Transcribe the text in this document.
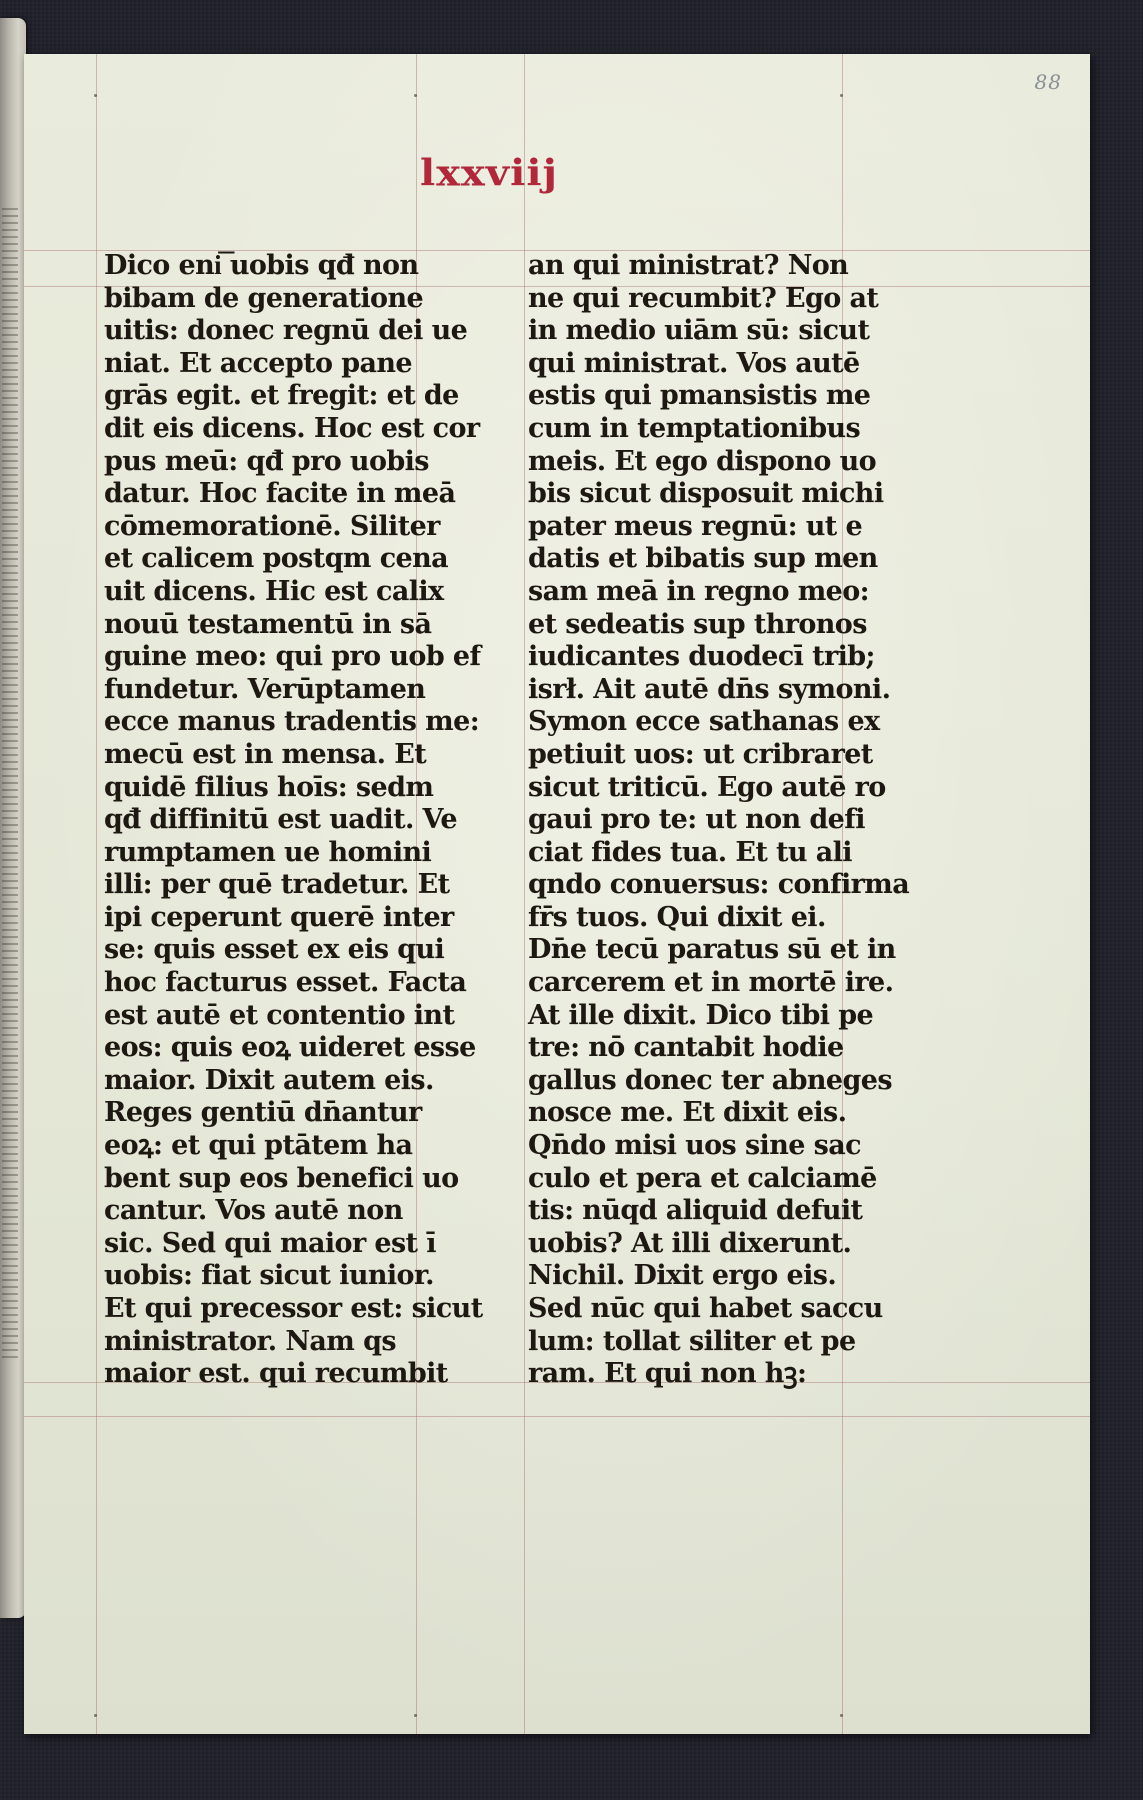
88
lxxviij
Dico eni͞ uobis qđ non
bibam de generatione
uitis: donec regnū dei ue
niat. Et accepto pane
grās egit. et fregit: et de
dit eis dicens. Hoc est cor
pus meū: qđ pro uobis
datur. Hoc facite in meā
cōmemorationē. Siliter
et calicem postqm cena
uit dicens. Hic est calix
nouū testamentū in sā
guine meo: qui pro uob ef
fundetur. Verūptamen
ecce manus tradentis me:
mecū est in mensa. Et
quidē filius hoīs: sedm
qđ diffinitū est uadit. Ve
rumptamen ue homini
illi: per quē tradetur. Et
ipi ceperunt querē inter
se: quis esset ex eis qui
hoc facturus esset. Facta
est autē et contentio int
eos: quis eoꝝ uideret esse
maior. Dixit autem eis.
Reges gentiū dn̄antur
eoꝝ: et qui ptātem ha
bent sup eos benefici uo
cantur. Vos autē non
sic. Sed qui maior est ī
uobis: fiat sicut iunior.
Et qui precessor est: sicut
ministrator. Nam qs
maior est. qui recumbit
an qui ministrat? Non
ne qui recumbit? Ego at
in medio uiām sū: sicut
qui ministrat. Vos autē
estis qui pmansistis me
cum in temptationibus
meis. Et ego dispono uo
bis sicut disposuit michi
pater meus regnū: ut e
datis et bibatis sup men
sam meā in regno meo:
et sedeatis sup thronos
iudicantes duodecī trib;
isrł. Ait autē dn̄s symoni.
Symon ecce sathanas ex
petiuit uos: ut cribraret
sicut triticū. Ego autē ro
gaui pro te: ut non defi
ciat fides tua. Et tu ali
qndo conuersus: confirma
fr̄s tuos. Qui dixit ei.
Dn̄e tecū paratus sū et in
carcerem et in mortē ire.
At ille dixit. Dico tibi pe
tre: nō cantabit hodie
gallus donec ter abneges
nosce me. Et dixit eis.
Qn̄do misi uos sine sac
culo et pera et calciamē
tis: nūqd aliquid defuit
uobis? At illi dixerunt.
Nichil. Dixit ergo eis.
Sed nūc qui habet saccu
lum: tollat siliter et pe
ram. Et qui non hꝫ:
